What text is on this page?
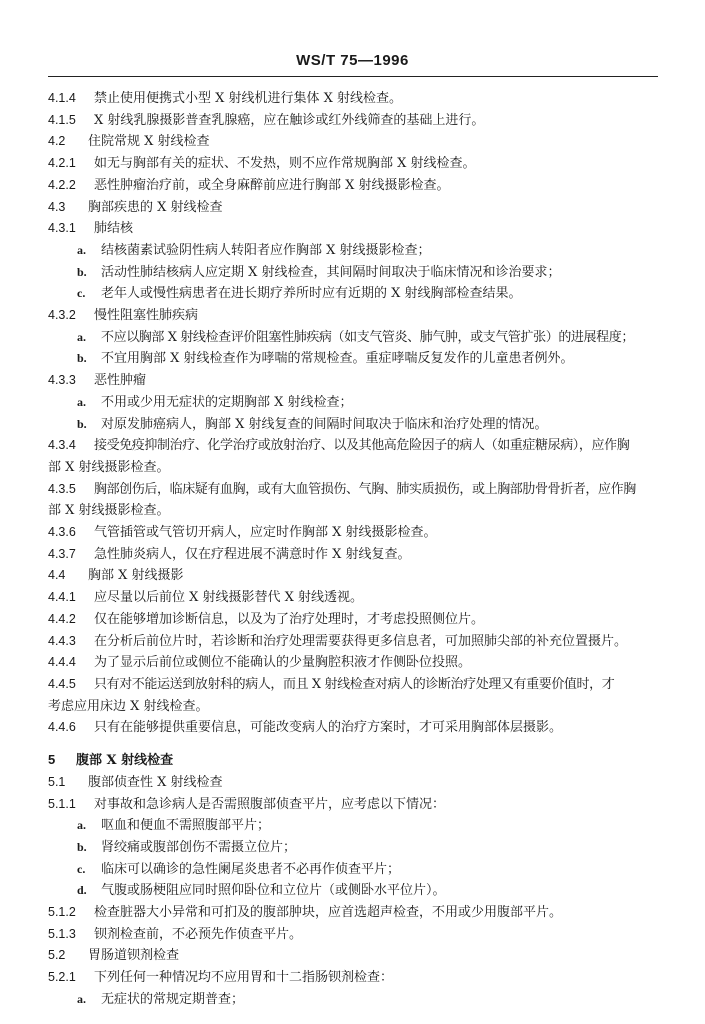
WS/T 75—1996
4.1.4 禁止使用便携式小型 X 射线机进行集体 X 射线检查。
4.1.5 X 射线乳腺摄影普查乳腺癌，应在触诊或红外线筛查的基础上进行。
4.2 住院常规 X 射线检查
4.2.1 如无与胸部有关的症状、不发热，则不应作常规胸部 X 射线检查。
4.2.2 恶性肿瘤治疗前，或全身麻醉前应进行胸部 X 射线摄影检查。
4.3 胸部疾患的 X 射线检查
4.3.1 肺结核
a. 结核菌素试验阴性病人转阳者应作胸部 X 射线摄影检查；
b. 活动性肺结核病人应定期 X 射线检查，其间隔时间取决于临床情况和诊治要求；
c. 老年人或慢性病患者在进长期疗养所时应有近期的 X 射线胸部检查结果。
4.3.2 慢性阻塞性肺疾病
a. 不应以胸部 X 射线检查评价阻塞性肺疾病（如支气管炎、肺气肿，或支气管扩张）的进展程度；
b. 不宜用胸部 X 射线检查作为哮喘的常规检查。重症哮喘反复发作的儿童患者例外。
4.3.3 恶性肿瘤
a. 不用或少用无症状的定期胸部 X 射线检查；
b. 对原发肺癌病人，胸部 X 射线复查的间隔时间取决于临床和治疗处理的情况。
4.3.4 接受免疫抑制治疗、化学治疗或放射治疗、以及其他高危险因子的病人（如重症糖尿病），应作胸
部 X 射线摄影检查。
4.3.5 胸部创伤后，临床疑有血胸，或有大血管损伤、气胸、肺实质损伤，或上胸部肋骨骨折者，应作胸
部 X 射线摄影检查。
4.3.6 气管插管或气管切开病人，应定时作胸部 X 射线摄影检查。
4.3.7 急性肺炎病人，仅在疗程进展不满意时作 X 射线复查。
4.4 胸部 X 射线摄影
4.4.1 应尽量以后前位 X 射线摄影替代 X 射线透视。
4.4.2 仅在能够增加诊断信息，以及为了治疗处理时，才考虑投照侧位片。
4.4.3 在分析后前位片时，若诊断和治疗处理需要获得更多信息者，可加照肺尖部的补充位置摄片。
4.4.4 为了显示后前位或侧位不能确认的少量胸腔积液才作侧卧位投照。
4.4.5 只有对不能运送到放射科的病人，而且 X 射线检查对病人的诊断治疗处理又有重要价值时，才
考虑应用床边 X 射线检查。
4.4.6 只有在能够提供重要信息，可能改变病人的治疗方案时，才可采用胸部体层摄影。
5 腹部 X 射线检查
5.1 腹部侦查性 X 射线检查
5.1.1 对事故和急诊病人是否需照腹部侦查平片，应考虑以下情况：
a. 呕血和便血不需照腹部平片；
b. 肾绞痛或腹部创伤不需摄立位片；
c. 临床可以确诊的急性阑尾炎患者不必再作侦查平片；
d. 气腹或肠梗阻应同时照仰卧位和立位片（或侧卧水平位片）。
5.1.2 检查脏器大小异常和可扪及的腹部肿块，应首选超声检查，不用或少用腹部平片。
5.1.3 钡剂检查前，不必预先作侦查平片。
5.2 胃肠道钡剂检查
5.2.1 下列任何一种情况均不应用胃和十二指肠钡剂检查：
a. 无症状的常规定期普查；
